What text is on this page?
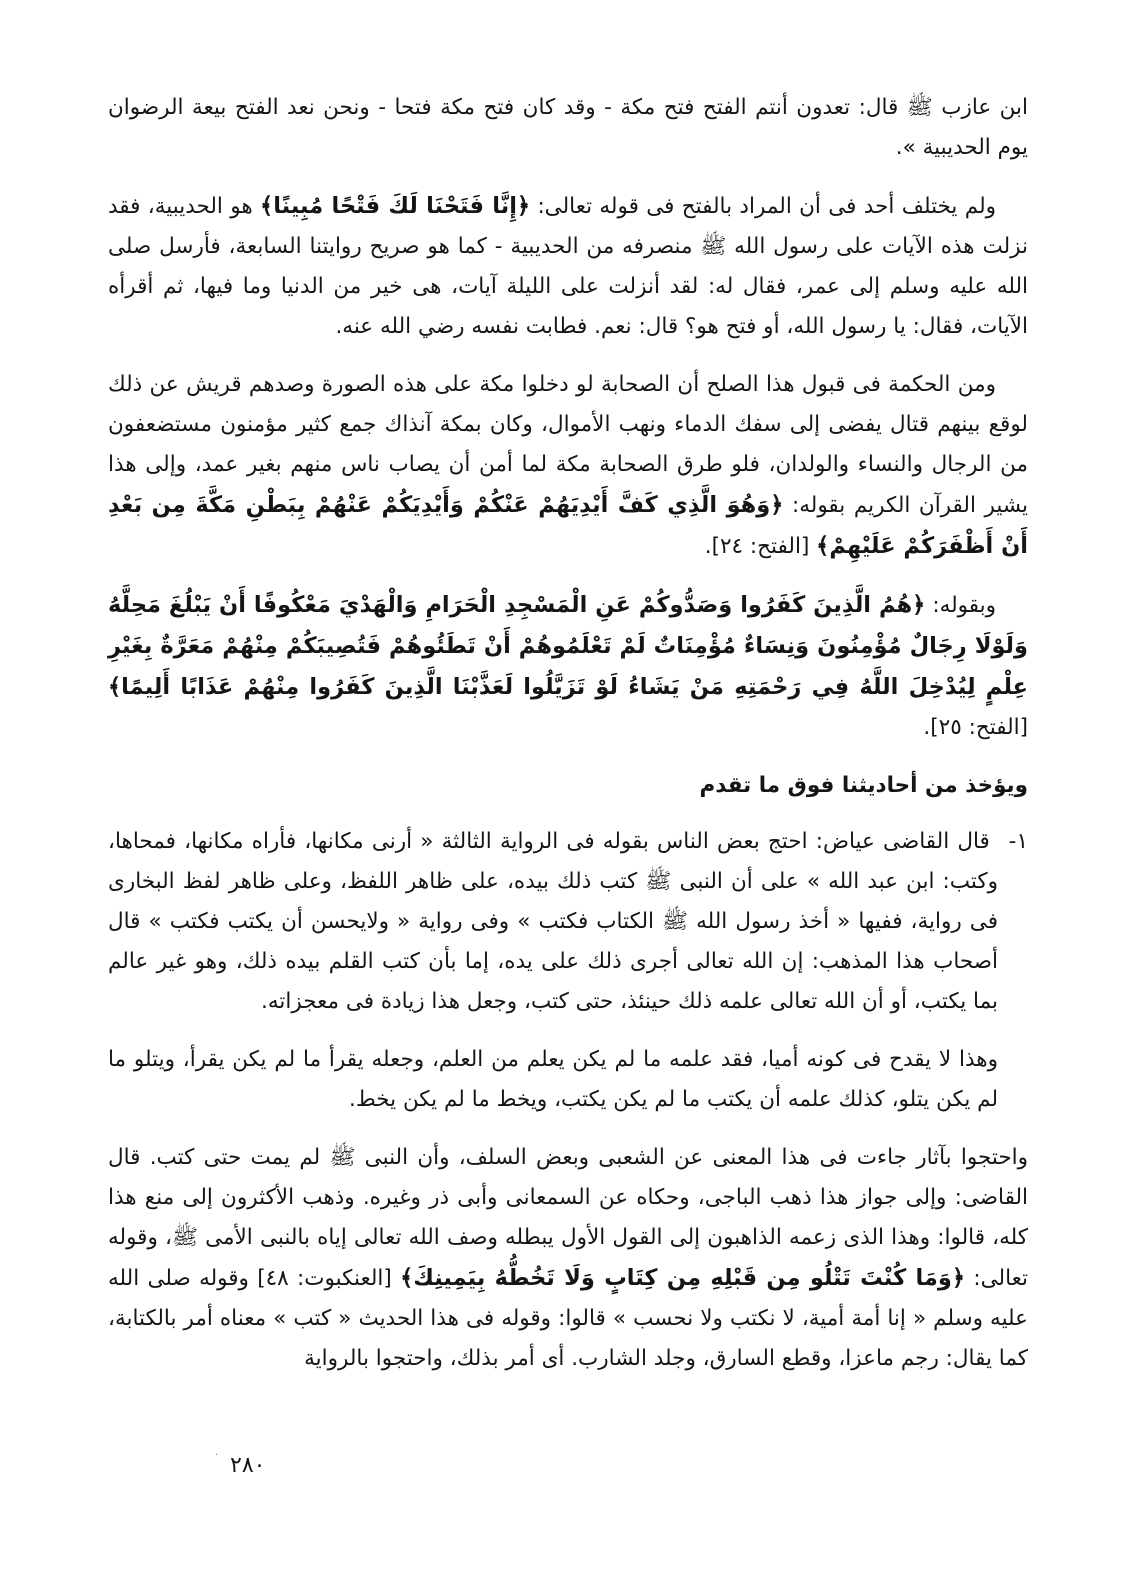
ابن عازب ﷺ قال: تعدون أنتم الفتح فتح مكة - وقد كان فتح مكة فتحا - ونحن نعد الفتح بيعة الرضوان يوم الحديبية ».

ولم يختلف أحد فى أن المراد بالفتح فى قوله تعالى: ﴿إِنَّا فَتَحْنَا لَكَ فَتْحًا مُبِينًا﴾ هو الحديبية، فقد نزلت هذه الآيات على رسول الله ﷺ منصرفه من الحديبية - كما هو صريح روايتنا السابعة، فأرسل صلى الله عليه وسلم إلى عمر، فقال له: لقد أنزلت على الليلة آيات، هى خير من الدنيا وما فيها، ثم أقرأه الآيات، فقال: يا رسول الله، أو فتح هو؟ قال: نعم. فطابت نفسه رضي الله عنه.

ومن الحكمة فى قبول هذا الصلح أن الصحابة لو دخلوا مكة على هذه الصورة وصدهم قريش عن ذلك لوقع بينهم قتال يفضى إلى سفك الدماء ونهب الأموال، وكان بمكة آنذاك جمع كثير مؤمنون مستضعفون من الرجال والنساء والولدان، فلو طرق الصحابة مكة لما أمن أن يصاب ناس منهم بغير عمد، وإلى هذا يشير القرآن الكريم بقوله: ﴿وَهُوَ الَّذِي كَفَّ أَيْدِيَهُمْ عَنْكُمْ وَأَيْدِيَكُمْ عَنْهُمْ بِبَطْنِ مَكَّةَ مِن بَعْدِ أَنْ أَظْفَرَكُمْ عَلَيْهِمْ﴾ [الفتح: ٢٤].

وبقوله: ﴿هُمُ الَّذِينَ كَفَرُوا وَصَدُّوكُمْ عَنِ الْمَسْجِدِ الْحَرَامِ وَالْهَدْيَ مَعْكُوفًا أَنْ يَبْلُغَ مَحِلَّهُ وَلَوْلَا رِجَالٌ مُؤْمِنُونَ وَنِسَاءٌ مُؤْمِنَاتٌ لَمْ تَعْلَمُوهُمْ أَنْ تَطَئُوهُمْ فَتُصِيبَكُمْ مِنْهُمْ مَعَرَّةٌ بِغَيْرِ عِلْمٍ لِيُدْخِلَ اللَّهُ فِي رَحْمَتِهِ مَنْ يَشَاءُ لَوْ تَزَيَّلُوا لَعَذَّبْنَا الَّذِينَ كَفَرُوا مِنْهُمْ عَذَابًا أَلِيمًا﴾ [الفتح: ٢٥].

ويؤخذ من أحاديثنا فوق ما تقدم

١- قال القاضى عياض: احتج بعض الناس بقوله فى الرواية الثالثة « أرنى مكانها، فأراه مكانها، فمحاها، وكتب: ابن عبد الله » على أن النبى ﷺ كتب ذلك بيده، على ظاهر اللفظ، وعلى ظاهر لفظ البخارى فى رواية، ففيها « أخذ رسول الله ﷺ الكتاب فكتب » وفى رواية « ولايحسن أن يكتب فكتب » قال أصحاب هذا المذهب: إن الله تعالى أجرى ذلك على يده، إما بأن كتب القلم بيده ذلك، وهو غير عالم بما يكتب، أو أن الله تعالى علمه ذلك حينئذ، حتى كتب، وجعل هذا زيادة فى معجزاته.

وهذا لا يقدح فى كونه أميا، فقد علمه ما لم يكن يعلم من العلم، وجعله يقرأ ما لم يكن يقرأ، ويتلو ما لم يكن يتلو، كذلك علمه أن يكتب ما لم يكن يكتب، ويخط ما لم يكن يخط.

واحتجوا بآثار جاءت فى هذا المعنى عن الشعبى وبعض السلف، وأن النبى ﷺ لم يمت حتى كتب. قال القاضى: وإلى جواز هذا ذهب الباجى، وحكاه عن السمعانى وأبى ذر وغيره. وذهب الأكثرون إلى منع هذا كله، قالوا: وهذا الذى زعمه الذاهبون إلى القول الأول يبطله وصف الله تعالى إياه بالنبى الأمى ﷺ، وقوله تعالى: ﴿وَمَا كُنْتَ تَتْلُو مِن قَبْلِهِ مِن كِتَابٍ وَلَا تَخُطُّهُ بِيَمِينِكَ﴾ [العنكبوت: ٤٨] وقوله صلى الله عليه وسلم « إنا أمة أمية، لا نكتب ولا نحسب » قالوا: وقوله فى هذا الحديث « كتب » معناه أمر بالكتابة، كما يقال: رجم ماعزا، وقطع السارق، وجلد الشارب. أى أمر بذلك، واحتجوا بالرواية

.
٢٨٠
